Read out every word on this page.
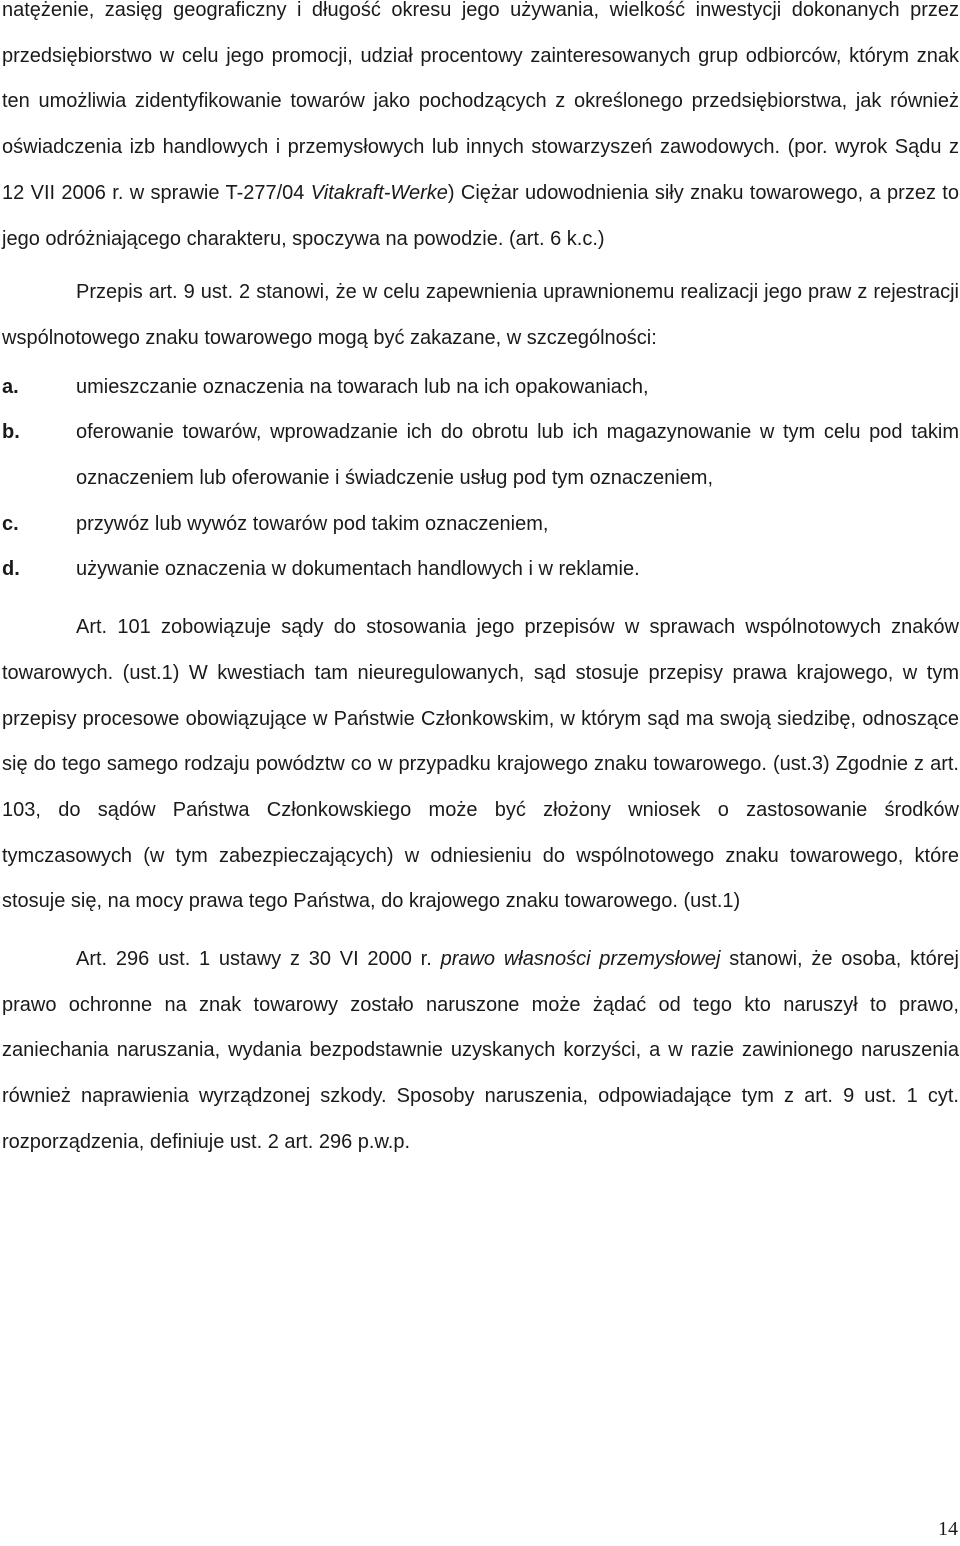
natężenie, zasięg geograficzny i długość okresu jego używania, wielkość inwestycji dokonanych przez przedsiębiorstwo w celu jego promocji, udział procentowy zainteresowanych grup odbiorców, którym znak ten umożliwia zidentyfikowanie towarów jako pochodzących z określonego przedsiębiorstwa, jak również oświadczenia izb handlowych i przemysłowych lub innych stowarzyszeń zawodowych. (por. wyrok Sądu z 12 VII 2006 r. w sprawie T-277/04 Vitakraft-Werke) Ciężar udowodnienia siły znaku towarowego, a przez to jego odróżniającego charakteru, spoczywa na powodzie. (art. 6 k.c.)

Przepis art. 9 ust. 2 stanowi, że w celu zapewnienia uprawnionemu realizacji jego praw z rejestracji wspólnotowego znaku towarowego mogą być zakazane, w szczególności:

a.	umieszczanie oznaczenia na towarach lub na ich opakowaniach,
b.	oferowanie towarów, wprowadzanie ich do obrotu lub ich magazynowanie w tym celu pod takim oznaczeniem lub oferowanie i świadczenie usług pod tym oznaczeniem,
c.	przywóz lub wywóz towarów pod takim oznaczeniem,
d.	używanie oznaczenia w dokumentach handlowych i w reklamie.

Art. 101 zobowiązuje sądy do stosowania jego przepisów w sprawach wspólnotowych znaków towarowych. (ust.1) W kwestiach tam nieuregulowanych, sąd stosuje przepisy prawa krajowego, w tym przepisy procesowe obowiązujące w Państwie Członkowskim, w którym sąd ma swoją siedzibę, odnoszące się do tego samego rodzaju powództw co w przypadku krajowego znaku towarowego. (ust.3) Zgodnie z art. 103, do sądów Państwa Członkowskiego może być złożony wniosek o zastosowanie środków tymczasowych (w tym zabezpieczających) w odniesieniu do wspólnotowego znaku towarowego, które stosuje się, na mocy prawa tego Państwa, do krajowego znaku towarowego. (ust.1)

Art. 296 ust. 1 ustawy z 30 VI 2000 r. prawo własności przemysłowej stanowi, że osoba, której prawo ochronne na znak towarowy zostało naruszone może żądać od tego kto naruszył to prawo, zaniechania naruszania, wydania bezpodstawnie uzyskanych korzyści, a w razie zawinionego naruszenia również naprawienia wyrządzonej szkody. Sposoby naruszenia, odpowiadające tym z art. 9 ust. 1 cyt. rozporządzenia, definiuje ust. 2 art. 296 p.w.p.

14
